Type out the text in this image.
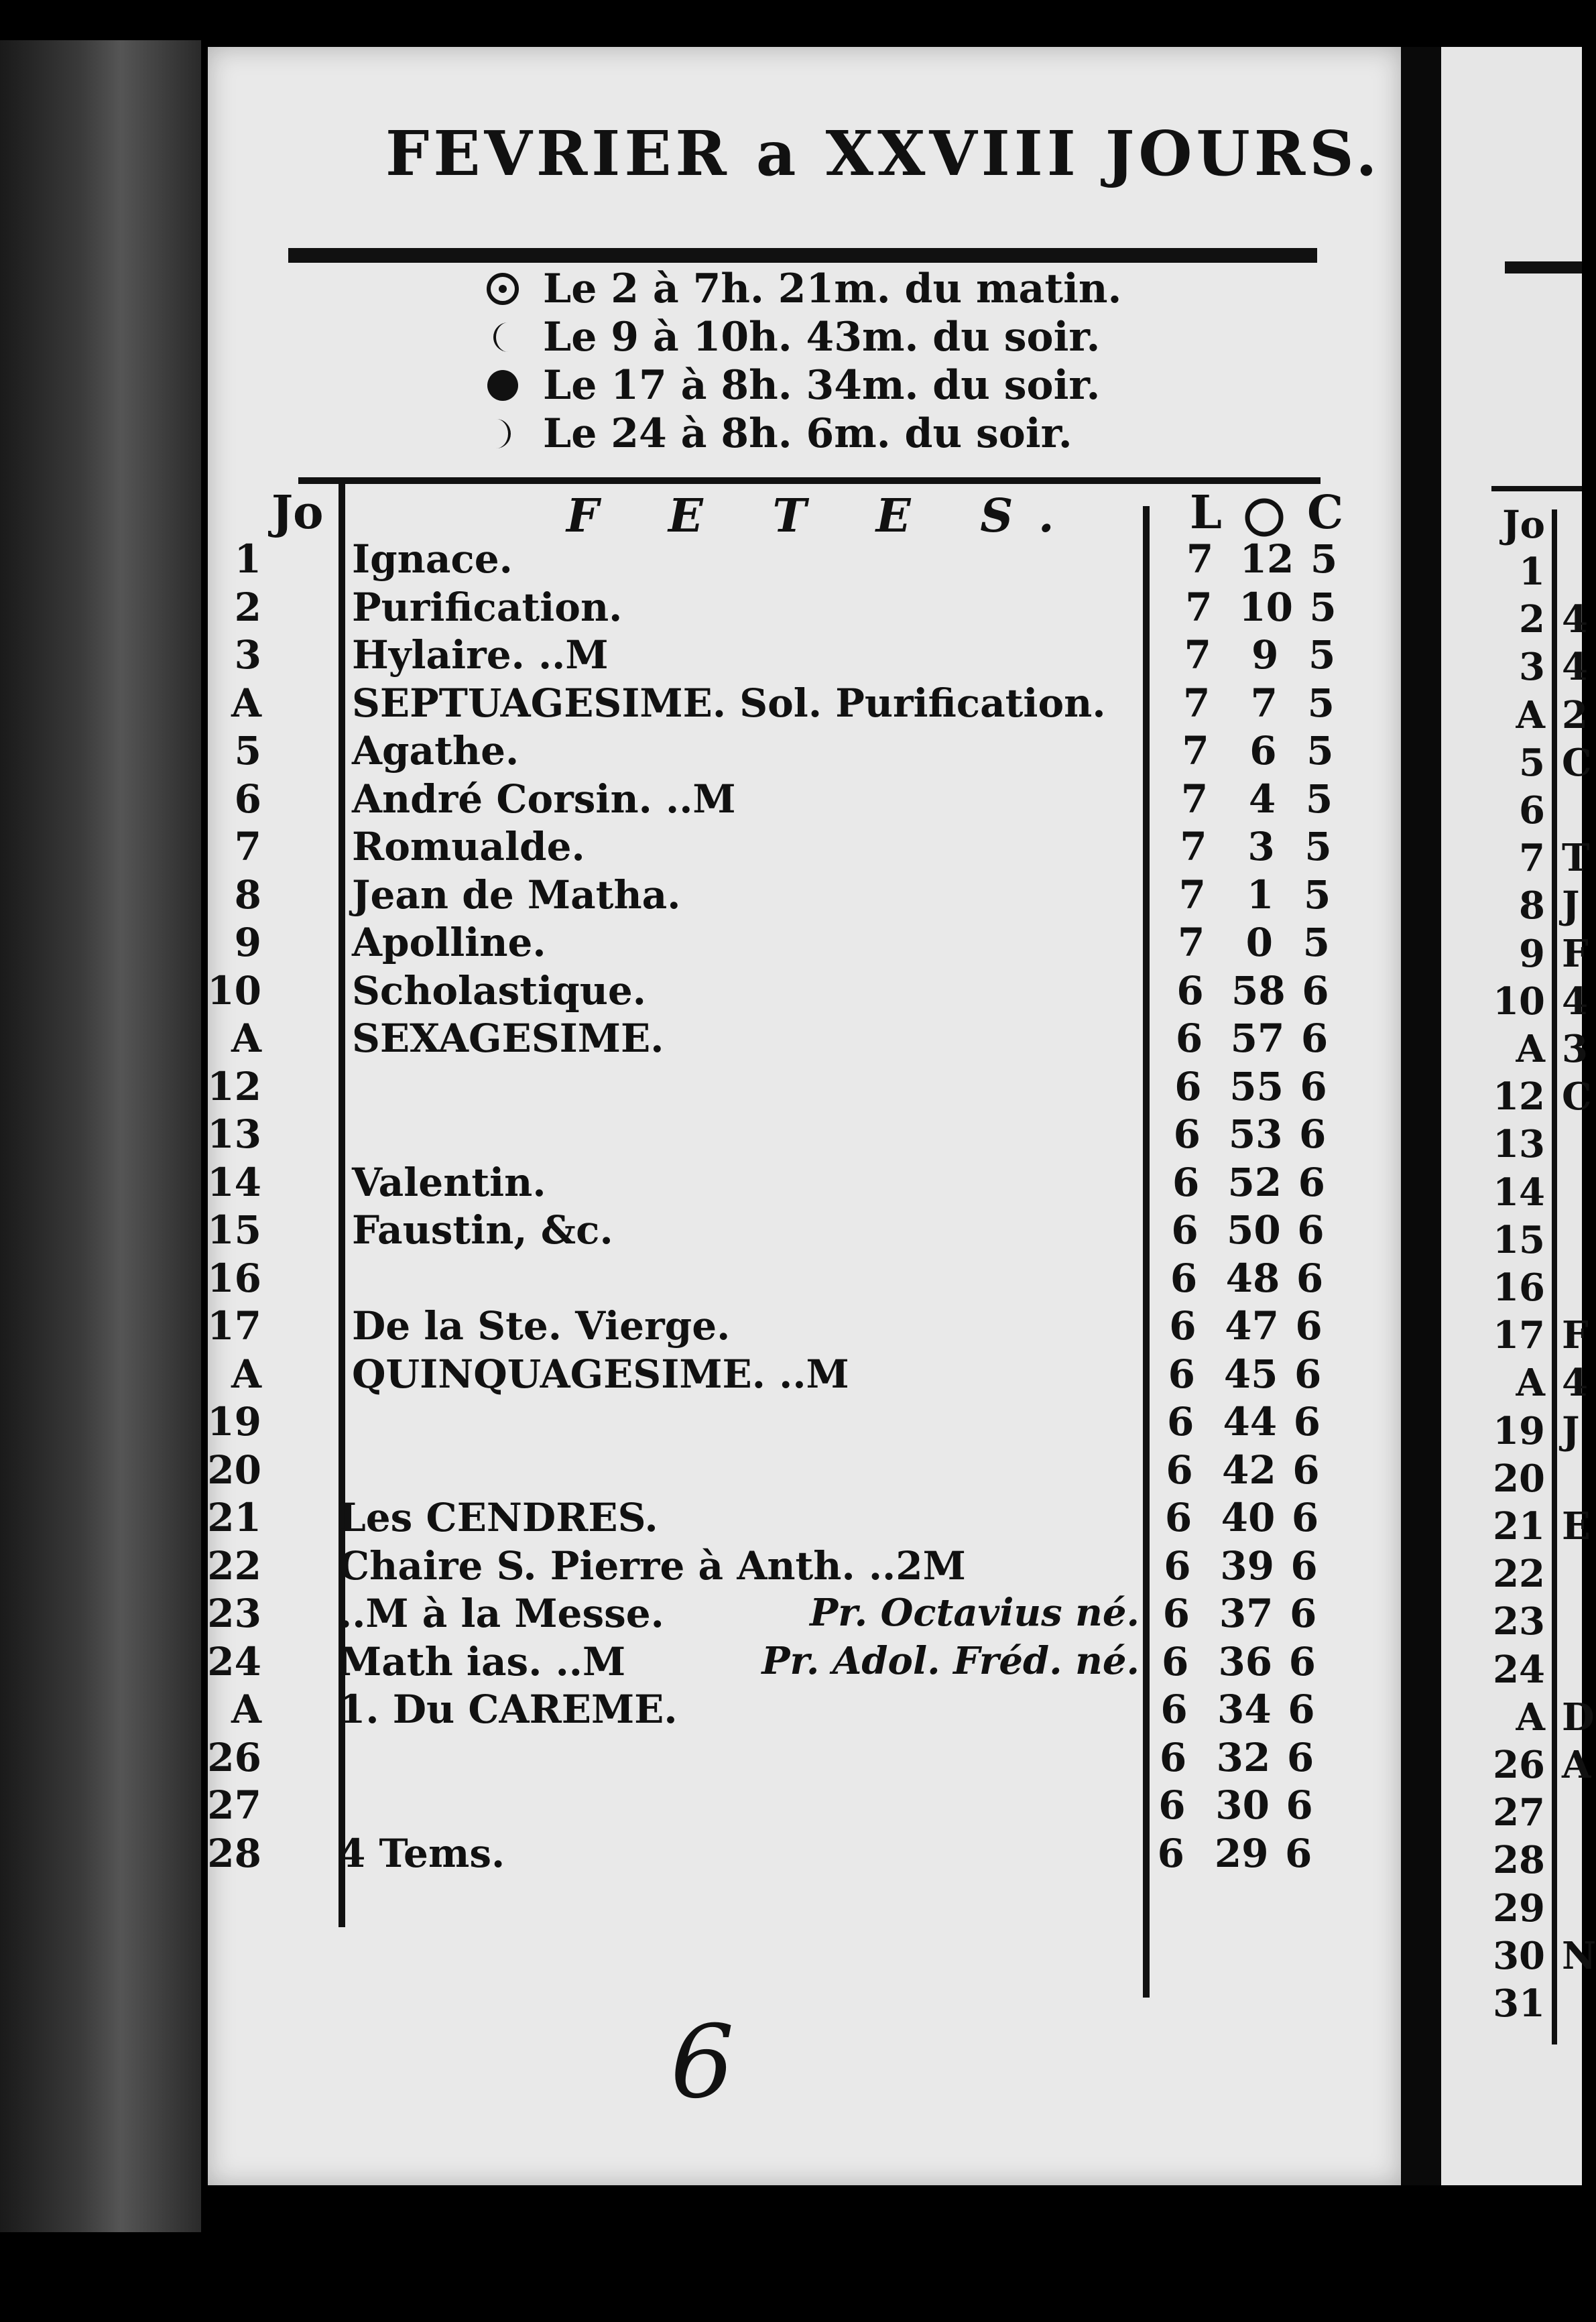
FEVRIER a XXVIII JOURS.
Le 2 à 7h. 21m. du matin.
Le 9 à 10h. 43m. du soir.
Le 17 à 8h. 34m. du soir.
Le 24 à 8h. 6m. du soir.
Jo	F E T E S. L C
1 Ignace.	7 12 5
2 Purification.	7 10 5
3 Hylaire. ..M	7	9 5
A SEPTUAGESIME. Sol. Purification. 7	7 5
5 Agathe.	7	6 5
6 André Corsin. ..M	7	4 5
7 Romualde.	7	3 5
8 Jean de Matha.	7	1 5
9 Apolline.	7	0 5
10 Scholastique.	6 58 6
A SEXAGESIME.	6 57 6
12	6 55 6
13	6 53 6
14 Valentin.	6 52 6
15 Faustin, &c.	6 50 6
16	6 48 6
17 De la Ste. Vierge.	6 47 6
A QUINQUAGESIME. ..M	6 45 6
19	6 44 6
20	6 42 6
21 Les CENDRES.	6 40 6
22 Chaire S. Pierre à Anth. ..2M	6 39 6
23 ..M à la Messe.	Pr. Octavius né. 6 37 6
24 Math ias. ..M	Pr. Adol. Fréd. né. 6 36 6
A 1. Du CAREME.	6 34 6
26	6 32 6
27	6 30 6
28 4 Tems.	6 29 6
6
Jo
1
2 4
3 4
A 2
5 C
6
7 T
8 J
9 F
10 4
A 3
12 C
13
14
15
16
17 F
A 4
19 J
20
21 E
22
23
24
A D
26 A
27
28
29
30 N
31
